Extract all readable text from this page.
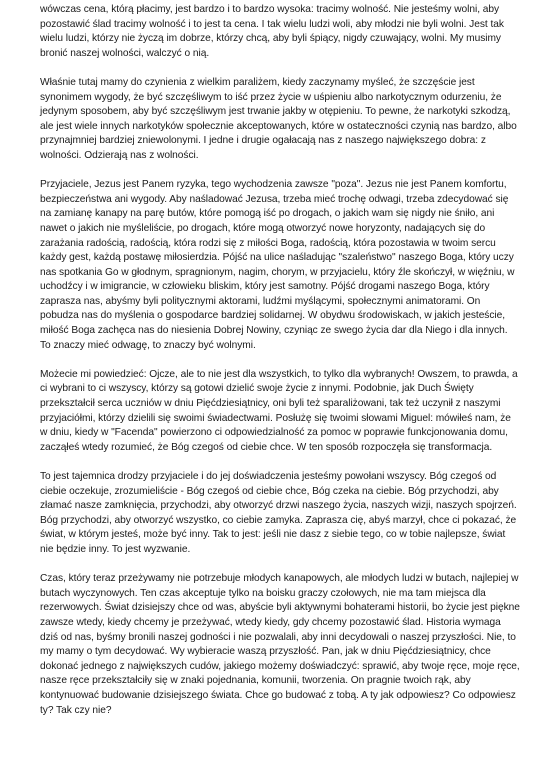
wówczas cena, którą płacimy, jest bardzo i to bardzo wysoka: tracimy wolność. Nie jesteśmy wolni, aby pozostawić ślad tracimy wolność i to jest ta cena. I tak wielu ludzi woli, aby młodzi nie byli wolni. Jest tak wielu ludzi, którzy nie życzą im dobrze, którzy chcą, aby byli śpiący, nigdy czuwający, wolni. My musimy bronić naszej wolności, walczyć o nią.

Właśnie tutaj mamy do czynienia z wielkim paraliżem, kiedy zaczynamy myśleć, że szczęście jest synonimem wygody, że być szczęśliwym to iść przez życie w uśpieniu albo narkotycznym odurzeniu, że jedynym sposobem, aby być szczęśliwym jest trwanie jakby w otępieniu. To pewne, że narkotyki szkodzą, ale jest wiele innych narkotyków społecznie akceptowanych, które w ostateczności czynią nas bardzo, albo przynajmniej bardziej zniewolonymi. I jedne i drugie ogałacają nas z naszego największego dobra: z wolności. Odzierają nas z wolności.

Przyjaciele, Jezus jest Panem ryzyka, tego wychodzenia zawsze "poza". Jezus nie jest Panem komfortu, bezpieczeństwa ani wygody. Aby naśladować Jezusa, trzeba mieć trochę odwagi, trzeba zdecydować się na zamianę kanapy na parę butów, które pomogą iść po drogach, o jakich wam się nigdy nie śniło, ani nawet o jakich nie myśleliście, po drogach, które mogą otworzyć nowe horyzonty, nadających się do zarażania radością, radością, która rodzi się z miłości Boga, radością, która pozostawia w twoim sercu każdy gest, każdą postawę miłosierdzia. Pójść na ulice naśladując "szaleństwo" naszego Boga, który uczy nas spotkania Go w głodnym, spragnionym, nagim, chorym, w przyjacielu, który źle skończył, w więźniu, w uchodźcy i w imigrancie, w człowieku bliskim, który jest samotny. Pójść drogami naszego Boga, który zaprasza nas, abyśmy byli politycznymi aktorami, ludźmi myślącymi, społecznymi animatorami. On pobudza nas do myślenia o gospodarce bardziej solidarnej. W obydwu środowiskach, w jakich jesteście, miłość Boga zachęca nas do niesienia Dobrej Nowiny, czyniąc ze swego życia dar dla Niego i dla innych. To znaczy mieć odwagę, to znaczy być wolnymi.

Możecie mi powiedzieć: Ojcze, ale to nie jest dla wszystkich, to tylko dla wybranych! Owszem, to prawda, a ci wybrani to ci wszyscy, którzy są gotowi dzielić swoje życie z innymi. Podobnie, jak Duch Święty przekształcił serca uczniów w dniu Pięćdziesiątnicy, oni byli też sparaliżowani, tak też uczynił z naszymi przyjaciółmi, którzy dzielili się swoimi świadectwami. Posłużę się twoimi słowami Miguel: mówiłeś nam, że w dniu, kiedy w "Facenda" powierzono ci odpowiedzialność za pomoc w poprawie funkcjonowania domu, zacząłeś wtedy rozumieć, że Bóg czegoś od ciebie chce. W ten sposób rozpoczęła się transformacja.

To jest tajemnica drodzy przyjaciele i do jej doświadczenia jesteśmy powołani wszyscy. Bóg czegoś od ciebie oczekuje, zrozumieliście - Bóg czegoś od ciebie chce, Bóg czeka na ciebie. Bóg przychodzi, aby złamać nasze zamknięcia, przychodzi, aby otworzyć drzwi naszego życia, naszych wizji, naszych spojrzeń. Bóg przychodzi, aby otworzyć wszystko, co ciebie zamyka. Zaprasza cię, abyś marzył, chce ci pokazać, że świat, w którym jesteś, może być inny. Tak to jest: jeśli nie dasz z siebie tego, co w tobie najlepsze, świat nie będzie inny. To jest wyzwanie.

Czas, który teraz przeżywamy nie potrzebuje młodych kanapowych, ale młodych ludzi w butach, najlepiej w butach wyczynowych. Ten czas akceptuje tylko na boisku graczy czołowych, nie ma tam miejsca dla rezerwowych. Świat dzisiejszy chce od was, abyście byli aktywnymi bohaterami historii, bo życie jest piękne zawsze wtedy, kiedy chcemy je przeżywać, wtedy kiedy, gdy chcemy pozostawić ślad. Historia wymaga dziś od nas, byśmy bronili naszej godności i nie pozwalali, aby inni decydowali o naszej przyszłości. Nie, to my mamy o tym decydować. Wy wybieracie waszą przyszłość. Pan, jak w dniu Pięćdziesiątnicy, chce dokonać jednego z największych cudów, jakiego możemy doświadczyć: sprawić, aby twoje ręce, moje ręce, nasze ręce przekształciły się w znaki pojednania, komunii, tworzenia. On pragnie twoich rąk, aby kontynuować budowanie dzisiejszego świata. Chce go budować z tobą. A ty jak odpowiesz? Co odpowiesz ty? Tak czy nie?
